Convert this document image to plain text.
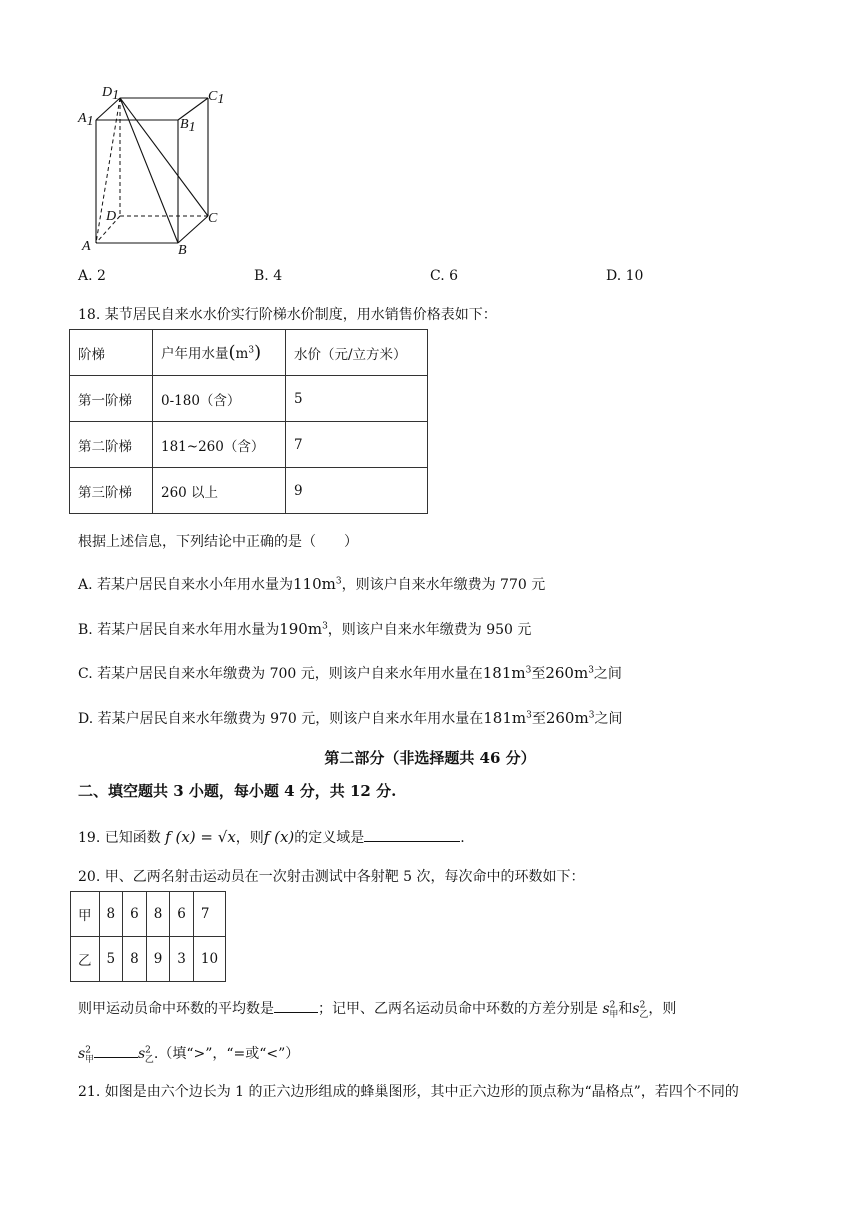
D1	C1
A1	B1
D	C
A	B
A. 2	B. 4	C. 6	D. 10
18. 某节居民自来水水价实行阶梯水价制度，用水销售价格表如下：
阶梯	户年用水量$(m^3)$	水价（元/立方米）
第一阶梯	0-180（含）	5
第二阶梯	181~260（含）	7
第三阶梯	260 以上	9
根据上述信息，下列结论中正确的是（　　）
A. 若某户居民自来水小年用水量为$110m^3$，则该户自来水年缴费为 770 元
B. 若某户居民自来水年用水量为$190m^3$，则该户自来水年缴费为 950 元
C. 若某户居民自来水年缴费为 700 元，则该户自来水年用水量在$181m^3$至$260m^3$之间
D. 若某户居民自来水年缴费为 970 元，则该户自来水年用水量在$181m^3$至$260m^3$之间
第二部分（非选择题共 46 分）
二、填空题共 3 小题，每小题 4 分，共 12 分.
19. 已知函数 f (x) = √x，则f (x)的定义域是	.
20. 甲、乙两名射击运动员在一次射击测试中各射靶 5 次，每次命中的环数如下：
甲	8	6	8	6	7
乙	5	8	9	3	10
则甲运动员命中环数的平均数是	；记甲、乙两名运动员命中环数的方差分别是 $s^2_甲$和$s^2_乙$，则
$s^2_甲$	$s^2_乙$.（填“>”，“=或“<”）
21. 如图是由六个边长为 1 的正六边形组成的蜂巢图形，其中正六边形的顶点称为“晶格点”，若四个不同的
